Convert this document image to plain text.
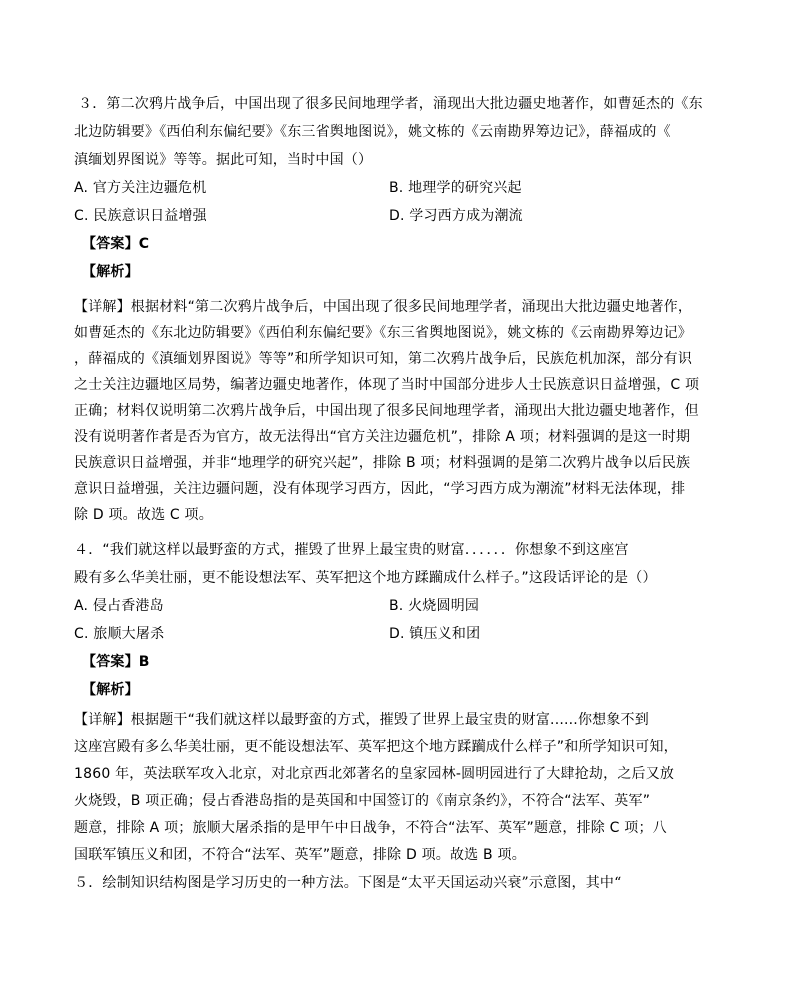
３．第二次鸦片战争后，中国出现了很多民间地理学者，涌现出大批边疆史地著作，如曹延杰的《东
北边防辑要》《西伯利东偏纪要》《东三省舆地图说》，姚文栋的《云南勘界筹边记》，薛福成的《
滇缅划界图说》等等。据此可知，当时中国（）
A. 官方关注边疆危机	B. 地理学的研究兴起
C. 民族意识日益增强	D. 学习西方成为潮流
【答案】C
【解析】
【详解】根据材料“第二次鸦片战争后，中国出现了很多民间地理学者，涌现出大批边疆史地著作，
如曹延杰的《东北边防辑要》《西伯利东偏纪要》《东三省舆地图说》，姚文栋的《云南勘界筹边记》
，薛福成的《滇缅划界图说》等等”和所学知识可知，第二次鸦片战争后，民族危机加深，部分有识
之士关注边疆地区局势，编著边疆史地著作，体现了当时中国部分进步人士民族意识日益增强，C 项
正确；材料仅说明第二次鸦片战争后，中国出现了很多民间地理学者，涌现出大批边疆史地著作，但
没有说明著作者是否为官方，故无法得出“官方关注边疆危机”，排除 A 项；材料强调的是这一时期
民族意识日益增强，并非“地理学的研究兴起”，排除 B 项；材料强调的是第二次鸦片战争以后民族
意识日益增强，关注边疆问题，没有体现学习西方，因此，“学习西方成为潮流”材料无法体现，排
除 D 项。故选 C 项。
４．“我们就这样以最野蛮的方式，摧毁了世界上最宝贵的财富．．．．．．你想象不到这座宫
殿有多么华美壮丽，更不能设想法军、英军把这个地方蹂躏成什么样子。”这段话评论的是（）
A. 侵占香港岛	B. 火烧圆明园
C. 旅顺大屠杀	D. 镇压义和团
【答案】B
【解析】
【详解】根据题干“我们就这样以最野蛮的方式，摧毁了世界上最宝贵的财富......你想象不到
这座宫殿有多么华美壮丽，更不能设想法军、英军把这个地方蹂躏成什么样子”和所学知识可知，
1860 年，英法联军攻入北京，对北京西北郊著名的皇家园林-圆明园进行了大肆抢劫，之后又放
火烧毁，B 项正确；侵占香港岛指的是英国和中国签订的《南京条约》，不符合“法军、英军”
题意，排除 A 项；旅顺大屠杀指的是甲午中日战争，不符合“法军、英军”题意，排除 C 项；八
国联军镇压义和团，不符合“法军、英军”题意，排除 D 项。故选 B 项。
５．绘制知识结构图是学习历史的一种方法。下图是“太平天国运动兴衰”示意图，其中“
